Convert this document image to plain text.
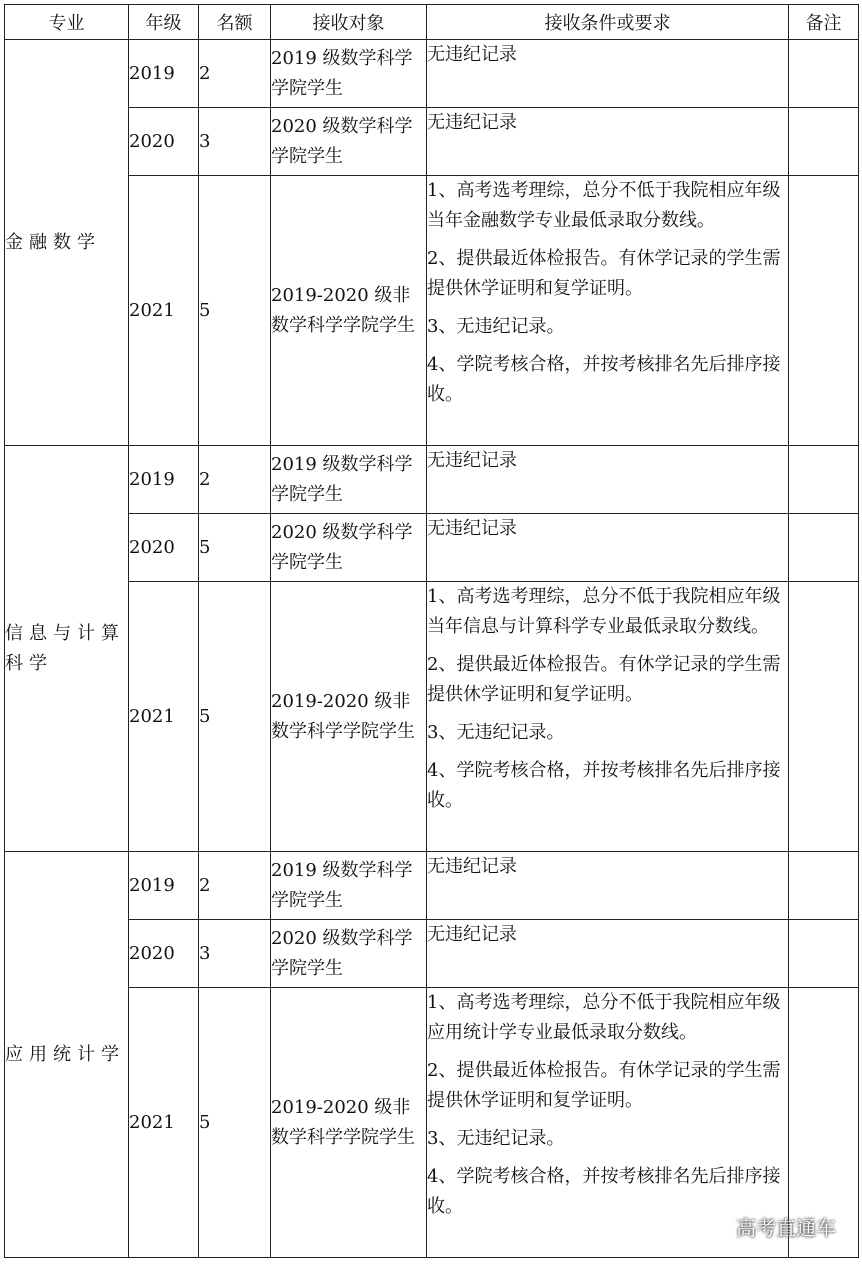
专业	年级	名额	接收对象	接收条件或要求	备注
金融数学	2019	2	2019 级数学科学学院学生	无违纪记录	

	2020	3	2020 级数学科学学院学生	无违纪记录	

	2021	5	2019-2020 级非数学科学学院学生	1、高考选考理综，总分不低于我院相应年级当年金融数学专业最低录取分数线。
2、提供最近体检报告。有休学记录的学生需提供休学证明和复学证明。
3、无违纪记录。
4、学院考核合格，并按考核排名先后排序接收。	

信息与计算科学	2019	2	2019 级数学科学学院学生	无违纪记录	

	2020	5	2020 级数学科学学院学生	无违纪记录	

	2021	5	2019-2020 级非数学科学学院学生	1、高考选考理综，总分不低于我院相应年级当年信息与计算科学专业最低录取分数线。
2、提供最近体检报告。有休学记录的学生需提供休学证明和复学证明。
3、无违纪记录。
4、学院考核合格，并按考核排名先后排序接收。	

应用统计学	2019	2	2019 级数学科学学院学生	无违纪记录	

	2020	3	2020 级数学科学学院学生	无违纪记录	

	2021	5	2019-2020 级非数学科学学院学生	1、高考选考理综，总分不低于我院相应年级应用统计学专业最低录取分数线。
2、提供最近体检报告。有休学记录的学生需提供休学证明和复学证明。
3、无违纪记录。
4、学院考核合格，并按考核排名先后排序接收。	

高考直通车
